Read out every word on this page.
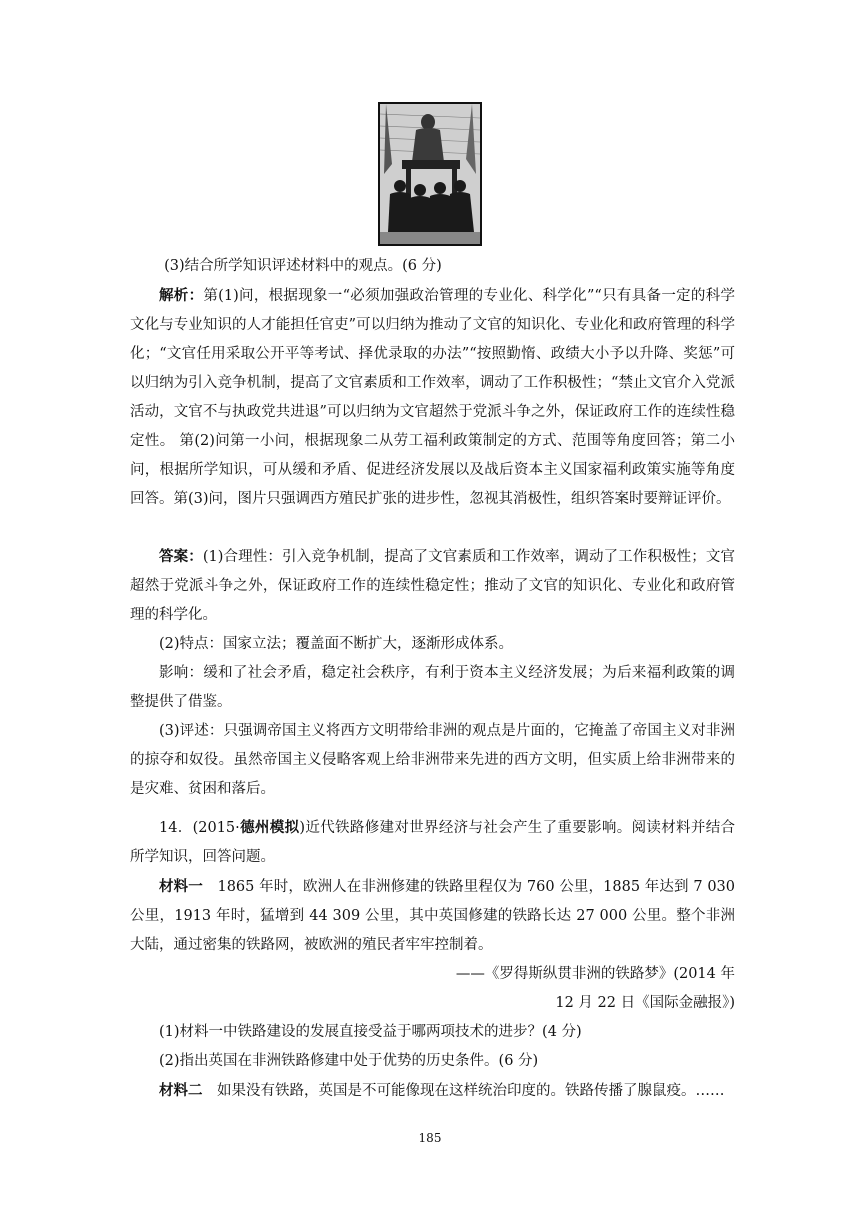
(3)结合所学知识评述材料中的观点。(6 分)

解析：第(1)问，根据现象一“必须加强政治管理的专业化、科学化”“只有具备一定的科学文化与专业知识的人才能担任官吏”可以归纳为推动了文官的知识化、专业化和政府管理的科学化；“文官任用采取公开平等考试、择优录取的办法”“按照勤惰、政绩大小予以升降、奖惩”可以归纳为引入竞争机制，提高了文官素质和工作效率，调动了工作积极性；“禁止文官介入党派活动，文官不与执政党共进退”可以归纳为文官超然于党派斗争之外，保证政府工作的连续性稳定性。 第(2)问第一小问，根据现象二从劳工福利政策制定的方式、范围等角度回答；第二小问，根据所学知识，可从缓和矛盾、促进经济发展以及战后资本主义国家福利政策实施等角度回答。第(3)问，图片只强调西方殖民扩张的进步性，忽视其消极性，组织答案时要辩证评价。

答案：(1)合理性：引入竞争机制，提高了文官素质和工作效率，调动了工作积极性；文官超然于党派斗争之外，保证政府工作的连续性稳定性；推动了文官的知识化、专业化和政府管理的科学化。

(2)特点：国家立法；覆盖面不断扩大，逐渐形成体系。

影响：缓和了社会矛盾，稳定社会秩序，有利于资本主义经济发展；为后来福利政策的调整提供了借鉴。

(3)评述：只强调帝国主义将西方文明带给非洲的观点是片面的，它掩盖了帝国主义对非洲的掠夺和奴役。虽然帝国主义侵略客观上给非洲带来先进的西方文明，但实质上给非洲带来的是灾难、贫困和落后。

14．(2015·德州模拟)近代铁路修建对世界经济与社会产生了重要影响。阅读材料并结合所学知识，回答问题。

材料一　1865 年时，欧洲人在非洲修建的铁路里程仅为 760 公里，1885 年达到 7 030 公里，1913 年时，猛增到 44 309 公里，其中英国修建的铁路长达 27 000 公里。整个非洲大陆，通过密集的铁路网，被欧洲的殖民者牢牢控制着。

——《罗得斯纵贯非洲的铁路梦》(2014 年

12 月 22 日《国际金融报》)

(1)材料一中铁路建设的发展直接受益于哪两项技术的进步？(4 分)

(2)指出英国在非洲铁路修建中处于优势的历史条件。(6 分)

材料二　如果没有铁路，英国是不可能像现在这样统治印度的。铁路传播了腺鼠疫。……

185
